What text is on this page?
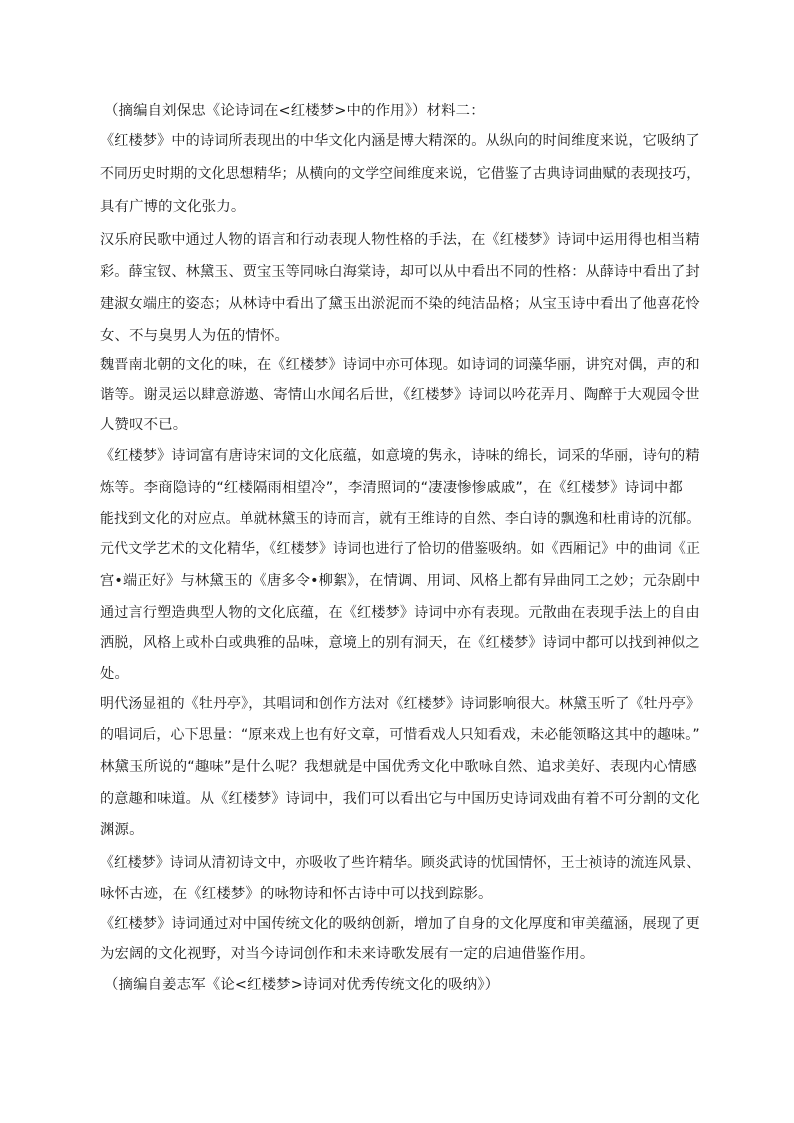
（摘编自刘保忠《论诗词在<红楼梦>中的作用》）材料二：
《红楼梦》中的诗词所表现出的中华文化内涵是博大精深的。从纵向的时间维度来说，它吸纳了
不同历史时期的文化思想精华；从横向的文学空间维度来说，它借鉴了古典诗词曲赋的表现技巧，
具有广博的文化张力。
汉乐府民歌中通过人物的语言和行动表现人物性格的手法，在《红楼梦》诗词中运用得也相当精
彩。薛宝钗、林黛玉、贾宝玉等同咏白海棠诗，却可以从中看出不同的性格：从薛诗中看出了封
建淑女端庄的姿态；从林诗中看出了黛玉出淤泥而不染的纯洁品格；从宝玉诗中看出了他喜花怜
女、不与臭男人为伍的情怀。
魏晋南北朝的文化的味，在《红楼梦》诗词中亦可体现。如诗词的词藻华丽，讲究对偶，声的和
谐等。谢灵运以肆意游遨、寄情山水闻名后世，《红楼梦》诗词以吟花弄月、陶醉于大观园令世
人赞叹不已。
《红楼梦》诗词富有唐诗宋词的文化底蕴，如意境的隽永，诗味的绵长，词采的华丽，诗句的精
炼等。李商隐诗的“红楼隔雨相望冷”，李清照词的“凄凄惨惨戚戚”，在《红楼梦》诗词中都
能找到文化的对应点。单就林黛玉的诗而言，就有王维诗的自然、李白诗的飘逸和杜甫诗的沉郁。
元代文学艺术的文化精华，《红楼梦》诗词也进行了恰切的借鉴吸纳。如《西厢记》中的曲词《正
宫•端正好》与林黛玉的《唐多令•柳絮》，在情调、用词、风格上都有异曲同工之妙；元杂剧中
通过言行塑造典型人物的文化底蕴，在《红楼梦》诗词中亦有表现。元散曲在表现手法上的自由
洒脱，风格上或朴白或典雅的品味，意境上的别有洞天，在《红楼梦》诗词中都可以找到神似之
处。
明代汤显祖的《牡丹亭》，其唱词和创作方法对《红楼梦》诗词影响很大。林黛玉听了《牡丹亭》
的唱词后，心下思量：“原来戏上也有好文章，可惜看戏人只知看戏，未必能领略这其中的趣味。”
林黛玉所说的“趣味”是什么呢？我想就是中国优秀文化中歌咏自然、追求美好、表现内心情感
的意趣和味道。从《红楼梦》诗词中，我们可以看出它与中国历史诗词戏曲有着不可分割的文化
渊源。
《红楼梦》诗词从清初诗文中，亦吸收了些许精华。顾炎武诗的忧国情怀，王士祯诗的流连风景、
咏怀古迹，在《红楼梦》的咏物诗和怀古诗中可以找到踪影。
《红楼梦》诗词通过对中国传统文化的吸纳创新，增加了自身的文化厚度和审美蕴涵，展现了更
为宏阔的文化视野，对当今诗词创作和未来诗歌发展有一定的启迪借鉴作用。
（摘编自姜志军《论<红楼梦>诗词对优秀传统文化的吸纳》）
